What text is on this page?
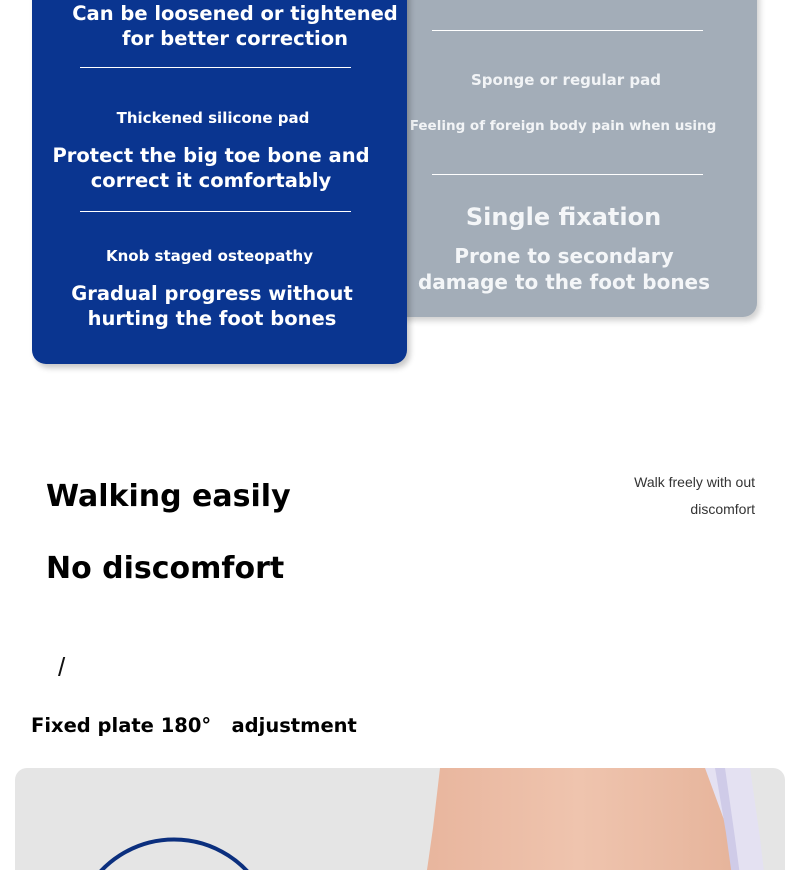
Sponge or regular pad
Feeling of foreign body pain when using
Single fixation
Prone to secondary damage to the foot bones
Can be loosened or tightened for better correction
Thickened silicone pad
Protect the big toe bone and correct it comfortably
Knob staged osteopathy
Gradual progress without hurting the foot bones
Walking easily
No discomfort
Walk freely with out
discomfort
/
Fixed plate 180°   adjustment
